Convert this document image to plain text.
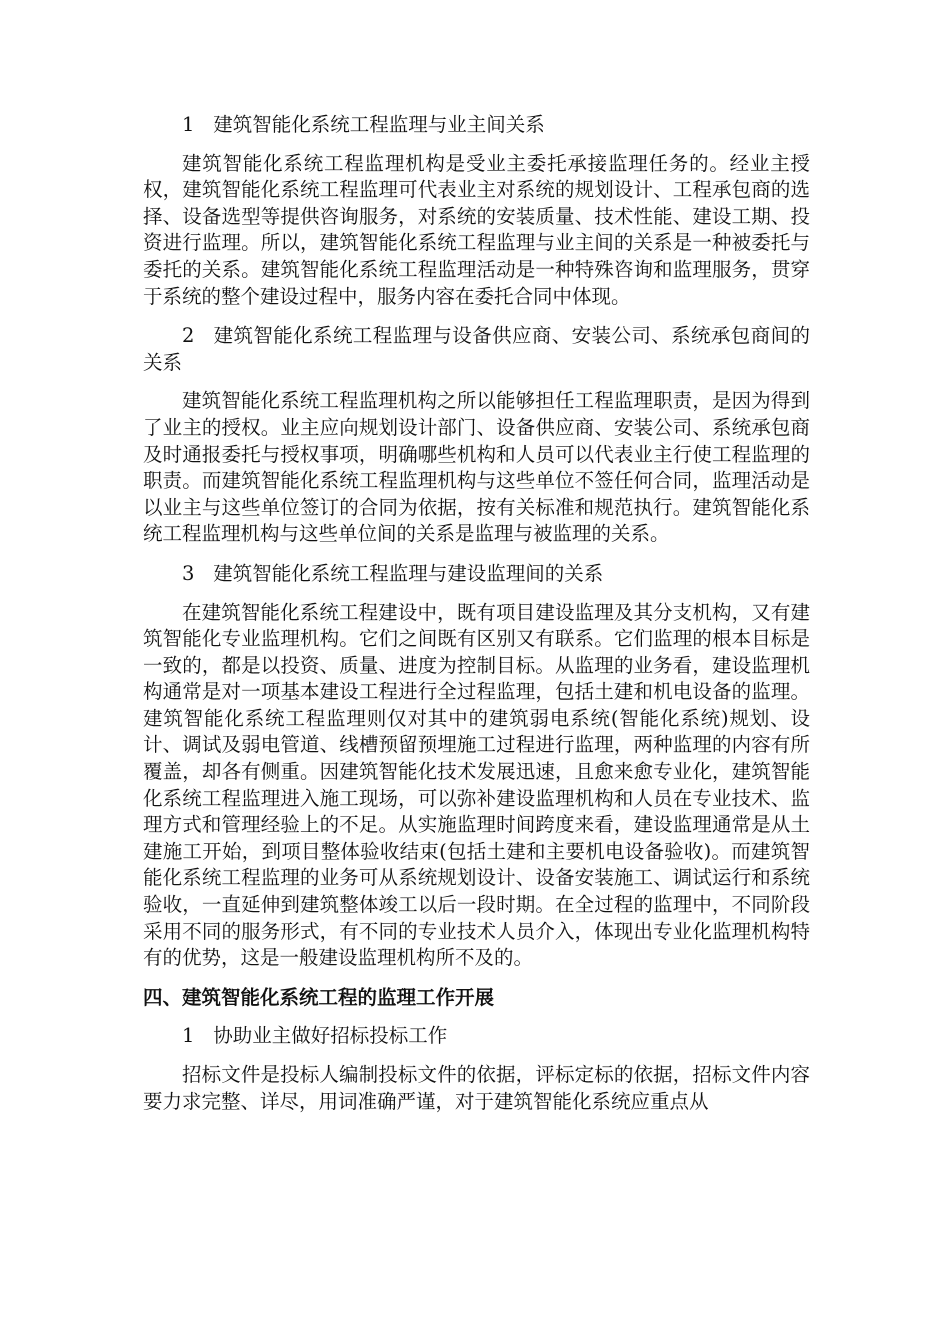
1 建筑智能化系统工程监理与业主间关系

建筑智能化系统工程监理机构是受业主委托承接监理任务的。经业主授权，建筑智能化系统工程监理可代表业主对系统的规划设计、工程承包商的选择、设备选型等提供咨询服务，对系统的安装质量、技术性能、建设工期、投资进行监理。所以，建筑智能化系统工程监理与业主间的关系是一种被委托与委托的关系。建筑智能化系统工程监理活动是一种特殊咨询和监理服务，贯穿于系统的整个建设过程中，服务内容在委托合同中体现。

2 建筑智能化系统工程监理与设备供应商、安装公司、系统承包商间的关系

建筑智能化系统工程监理机构之所以能够担任工程监理职责，是因为得到了业主的授权。业主应向规划设计部门、设备供应商、安装公司、系统承包商及时通报委托与授权事项，明确哪些机构和人员可以代表业主行使工程监理的职责。而建筑智能化系统工程监理机构与这些单位不签任何合同，监理活动是以业主与这些单位签订的合同为依据，按有关标准和规范执行。建筑智能化系统工程监理机构与这些单位间的关系是监理与被监理的关系。

3 建筑智能化系统工程监理与建设监理间的关系

在建筑智能化系统工程建设中，既有项目建设监理及其分支机构，又有建筑智能化专业监理机构。它们之间既有区别又有联系。它们监理的根本目标是一致的，都是以投资、质量、进度为控制目标。从监理的业务看，建设监理机构通常是对一项基本建设工程进行全过程监理，包括土建和机电设备的监理。建筑智能化系统工程监理则仅对其中的建筑弱电系统(智能化系统)规划、设计、调试及弱电管道、线槽预留预埋施工过程进行监理，两种监理的内容有所覆盖，却各有侧重。因建筑智能化技术发展迅速，且愈来愈专业化，建筑智能化系统工程监理进入施工现场，可以弥补建设监理机构和人员在专业技术、监理方式和管理经验上的不足。从实施监理时间跨度来看，建设监理通常是从土建施工开始，到项目整体验收结束(包括土建和主要机电设备验收)。而建筑智能化系统工程监理的业务可从系统规划设计、设备安装施工、调试运行和系统验收，一直延伸到建筑整体竣工以后一段时期。在全过程的监理中，不同阶段采用不同的服务形式，有不同的专业技术人员介入，体现出专业化监理机构特有的优势，这是一般建设监理机构所不及的。

四、建筑智能化系统工程的监理工作开展

1 协助业主做好招标投标工作

招标文件是投标人编制投标文件的依据，评标定标的依据，招标文件内容要力求完整、详尽，用词准确严谨，对于建筑智能化系统应重点从
